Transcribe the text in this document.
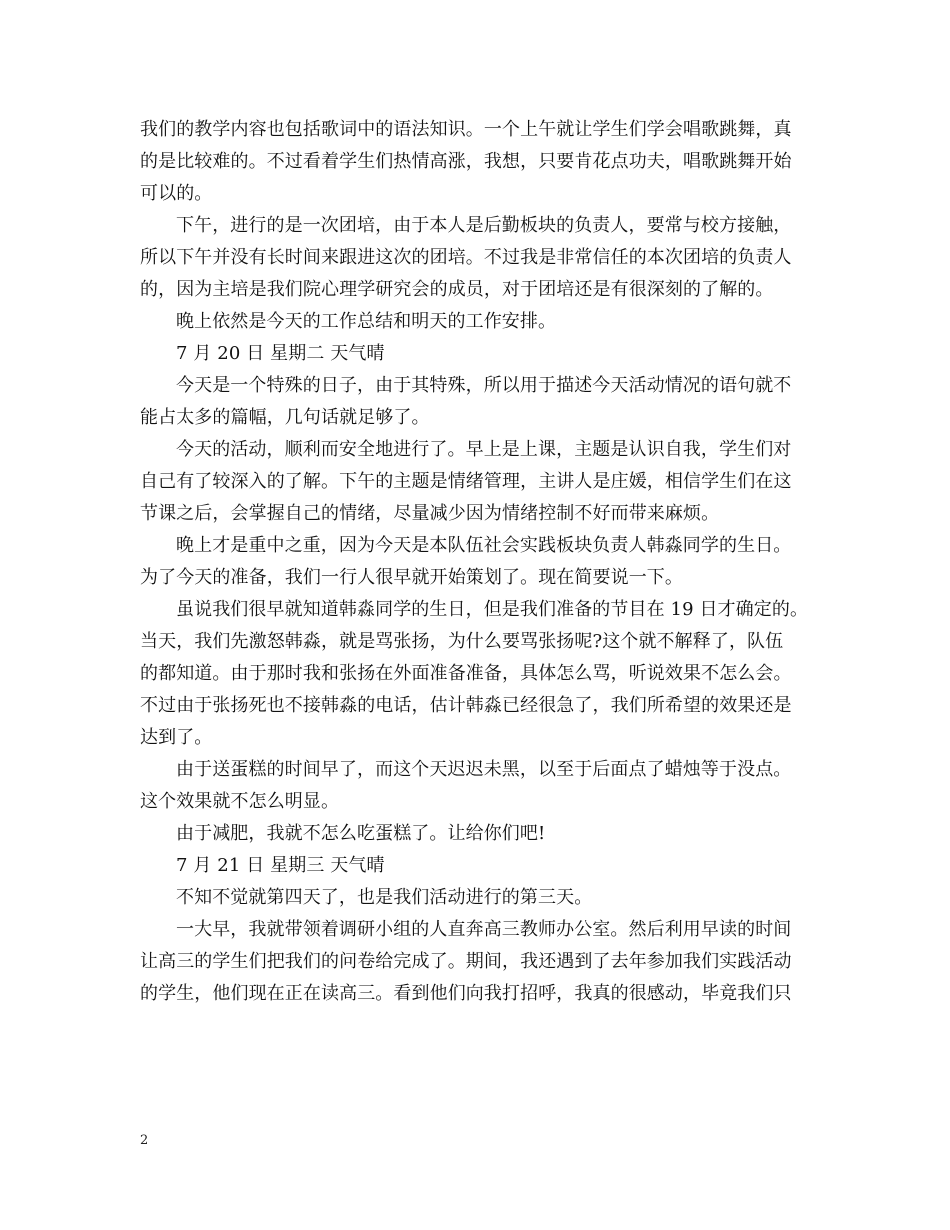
我们的教学内容也包括歌词中的语法知识。一个上午就让学生们学会唱歌跳舞，真
的是比较难的。不过看着学生们热情高涨，我想，只要肯花点功夫，唱歌跳舞开始
可以的。
下午，进行的是一次团培，由于本人是后勤板块的负责人，要常与校方接触，
所以下午并没有长时间来跟进这次的团培。不过我是非常信任的本次团培的负责人
的，因为主培是我们院心理学研究会的成员，对于团培还是有很深刻的了解的。
晚上依然是今天的工作总结和明天的工作安排。
7 月 20 日 星期二 天气晴
今天是一个特殊的日子，由于其特殊，所以用于描述今天活动情况的语句就不
能占太多的篇幅，几句话就足够了。
今天的活动，顺利而安全地进行了。早上是上课，主题是认识自我，学生们对
自己有了较深入的了解。下午的主题是情绪管理，主讲人是庄媛，相信学生们在这
节课之后，会掌握自己的情绪，尽量减少因为情绪控制不好而带来麻烦。
晚上才是重中之重，因为今天是本队伍社会实践板块负责人韩淼同学的生日。
为了今天的准备，我们一行人很早就开始策划了。现在简要说一下。
虽说我们很早就知道韩淼同学的生日，但是我们准备的节目在 19 日才确定的。
当天，我们先激怒韩淼，就是骂张扬，为什么要骂张扬呢?这个就不解释了，队伍
的都知道。由于那时我和张扬在外面准备准备，具体怎么骂，听说效果不怎么会。
不过由于张扬死也不接韩淼的电话，估计韩淼已经很急了，我们所希望的效果还是
达到了。
由于送蛋糕的时间早了，而这个天迟迟未黑，以至于后面点了蜡烛等于没点。
这个效果就不怎么明显。
由于减肥，我就不怎么吃蛋糕了。让给你们吧!
7 月 21 日 星期三 天气晴
不知不觉就第四天了，也是我们活动进行的第三天。
一大早，我就带领着调研小组的人直奔高三教师办公室。然后利用早读的时间
让高三的学生们把我们的问卷给完成了。期间，我还遇到了去年参加我们实践活动
的学生，他们现在正在读高三。看到他们向我打招呼，我真的很感动，毕竟我们只
2
